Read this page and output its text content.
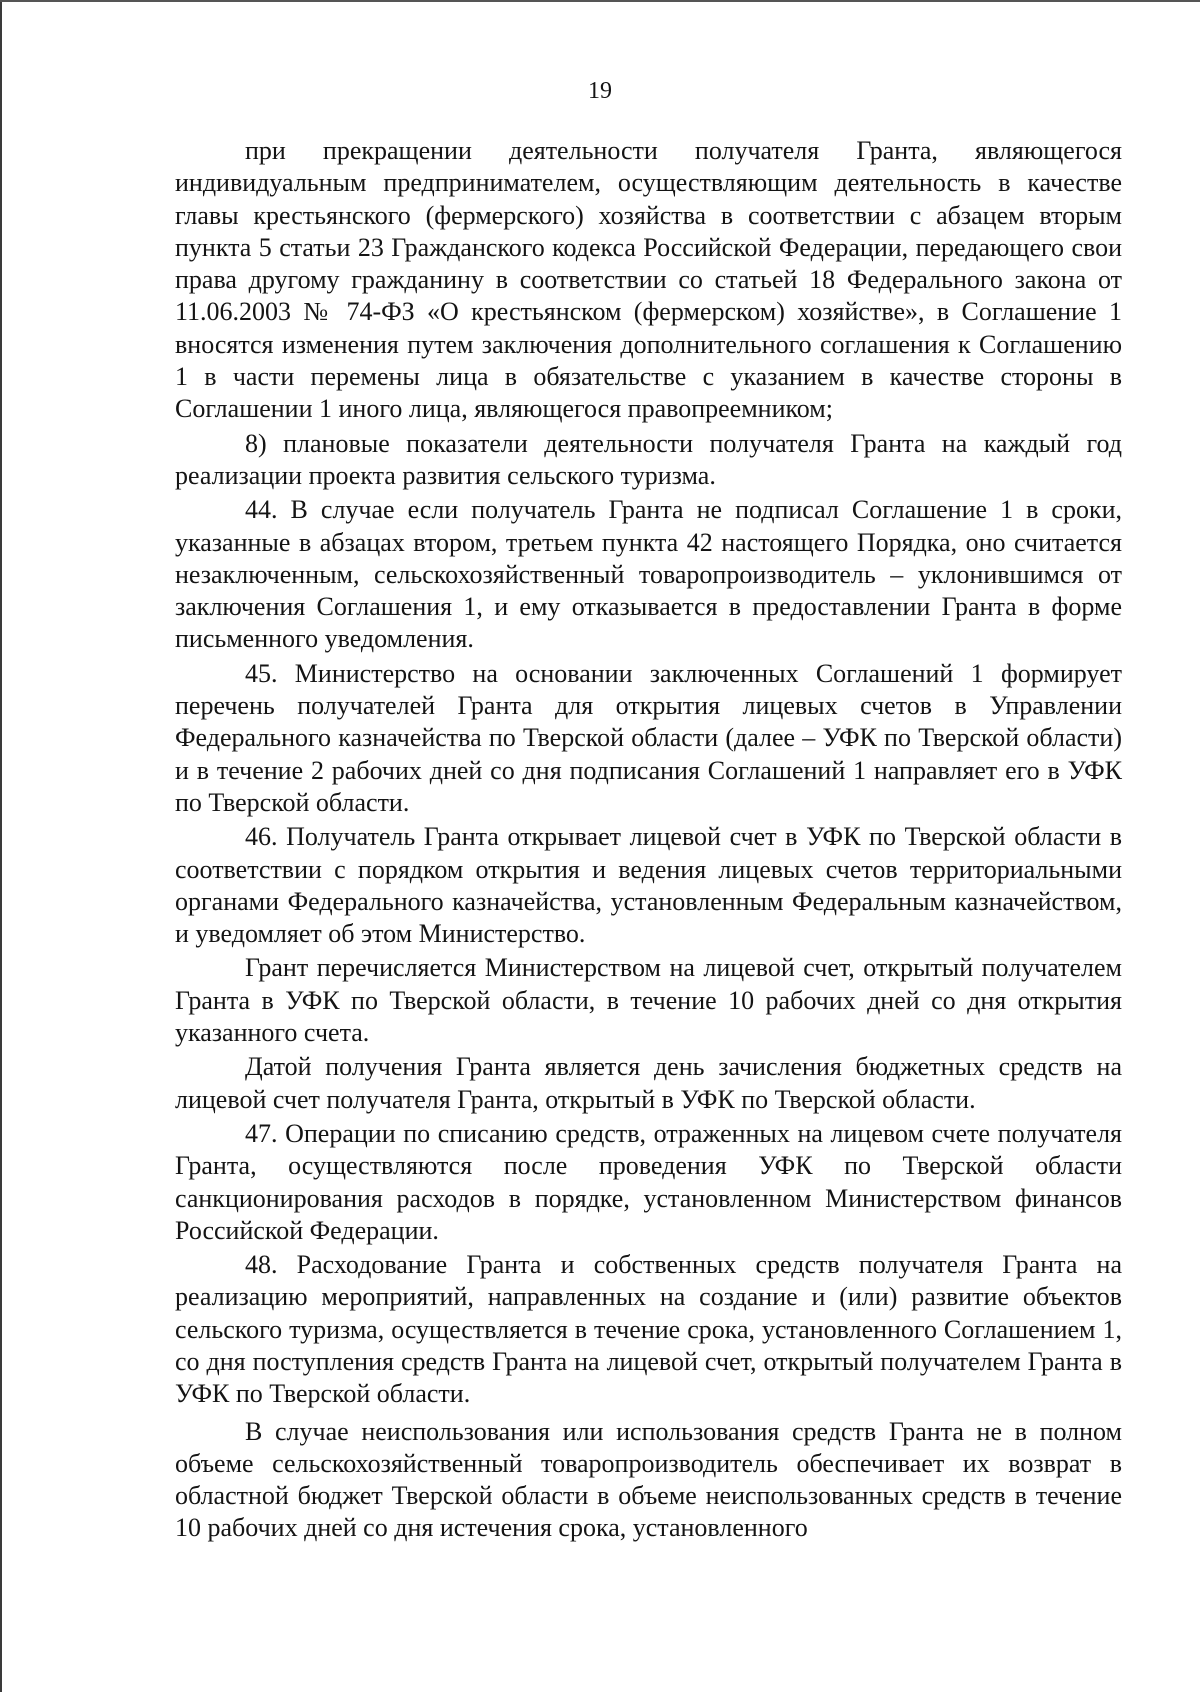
19

при прекращении деятельности получателя Гранта, являющегося индивидуальным предпринимателем, осуществляющим деятельность в качестве главы крестьянского (фермерского) хозяйства в соответствии с абзацем вторым пункта 5 статьи 23 Гражданского кодекса Российской Федерации, передающего свои права другому гражданину в соответствии со статьей 18 Федерального закона от 11.06.2003 № 74-ФЗ «О крестьянском (фермерском) хозяйстве», в Соглашение 1 вносятся изменения путем заключения дополнительного соглашения к Соглашению 1 в части перемены лица в обязательстве с указанием в качестве стороны в Соглашении 1 иного лица, являющегося правопреемником;

8) плановые показатели деятельности получателя Гранта на каждый год реализации проекта развития сельского туризма.

44. В случае если получатель Гранта не подписал Соглашение 1 в сроки, указанные в абзацах втором, третьем пункта 42 настоящего Порядка, оно считается незаключенным, сельскохозяйственный товаропроизводитель – уклонившимся от заключения Соглашения 1, и ему отказывается в предоставлении Гранта в форме письменного уведомления.

45. Министерство на основании заключенных Соглашений 1 формирует перечень получателей Гранта для открытия лицевых счетов в Управлении Федерального казначейства по Тверской области (далее – УФК по Тверской области) и в течение 2 рабочих дней со дня подписания Соглашений 1 направляет его в УФК по Тверской области.

46. Получатель Гранта открывает лицевой счет в УФК по Тверской области в соответствии с порядком открытия и ведения лицевых счетов территориальными органами Федерального казначейства, установленным Федеральным казначейством, и уведомляет об этом Министерство.

Грант перечисляется Министерством на лицевой счет, открытый получателем Гранта в УФК по Тверской области, в течение 10 рабочих дней со дня открытия указанного счета.

Датой получения Гранта является день зачисления бюджетных средств на лицевой счет получателя Гранта, открытый в УФК по Тверской области.

47. Операции по списанию средств, отраженных на лицевом счете получателя Гранта, осуществляются после проведения УФК по Тверской области санкционирования расходов в порядке, установленном Министерством финансов Российской Федерации.

48. Расходование Гранта и собственных средств получателя Гранта на реализацию мероприятий, направленных на создание и (или) развитие объектов сельского туризма, осуществляется в течение срока, установленного Соглашением 1, со дня поступления средств Гранта на лицевой счет, открытый получателем Гранта в УФК по Тверской области.

В случае неиспользования или использования средств Гранта не в полном объеме сельскохозяйственный товаропроизводитель обеспечивает их возврат в областной бюджет Тверской области в объеме неиспользованных средств в течение 10 рабочих дней со дня истечения срока, установленного
